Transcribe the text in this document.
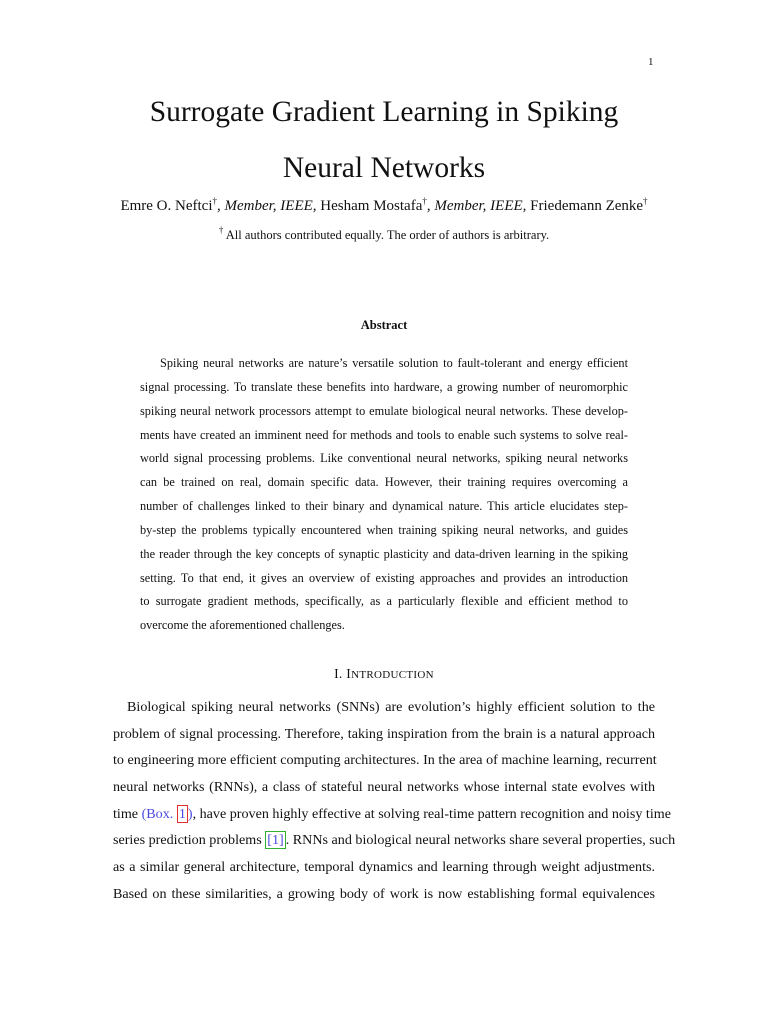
1
Surrogate Gradient Learning in Spiking
Neural Networks
Emre O. Neftci†, Member, IEEE, Hesham Mostafa†, Member, IEEE, Friedemann Zenke†
† All authors contributed equally. The order of authors is arbitrary.
Abstract

Spiking neural networks are nature’s versatile solution to fault-tolerant and energy efficient
signal processing. To translate these benefits into hardware, a growing number of neuromorphic
spiking neural network processors attempt to emulate biological neural networks. These develop-
ments have created an imminent need for methods and tools to enable such systems to solve real-
world signal processing problems. Like conventional neural networks, spiking neural networks
can be trained on real, domain specific data. However, their training requires overcoming a
number of challenges linked to their binary and dynamical nature. This article elucidates step-
by-step the problems typically encountered when training spiking neural networks, and guides
the reader through the key concepts of synaptic plasticity and data-driven learning in the spiking
setting. To that end, it gives an overview of existing approaches and provides an introduction
to surrogate gradient methods, specifically, as a particularly flexible and efficient method to
overcome the aforementioned challenges.

I. INTRODUCTION

Biological spiking neural networks (SNNs) are evolution’s highly efficient solution to the
problem of signal processing. Therefore, taking inspiration from the brain is a natural approach
to engineering more efficient computing architectures. In the area of machine learning, recurrent
neural networks (RNNs), a class of stateful neural networks whose internal state evolves with
time (Box. 1 ), have proven highly effective at solving real-time pattern recognition and noisy time
series prediction problems [1] . RNNs and biological neural networks share several properties, such
as a similar general architecture, temporal dynamics and learning through weight adjustments.
Based on these similarities, a growing body of work is now establishing formal equivalences
